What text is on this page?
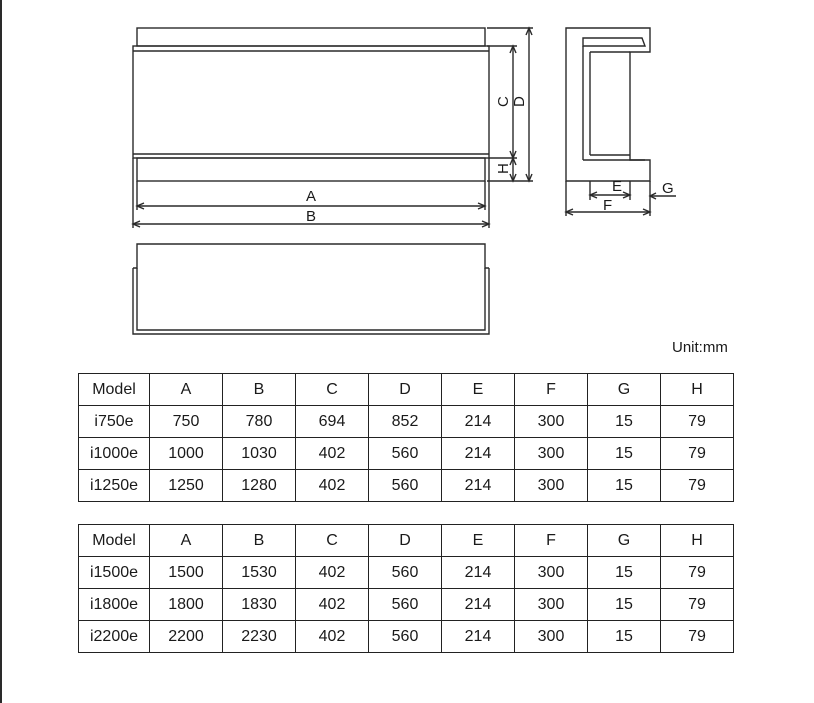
A
B
C D
H
E
F
G
Unit:mm
Model	A	B	C	D	E	F	G	H
i750e	750	780	694	852	214	300	15	79
i1000e	1000	1030	402	560	214	300	15	79
i1250e	1250	1280	402	560	214	300	15	79
Model	A	B	C	D	E	F	G	H
i1500e	1500	1530	402	560	214	300	15	79
i1800e	1800	1830	402	560	214	300	15	79
i2200e	2200	2230	402	560	214	300	15	79
